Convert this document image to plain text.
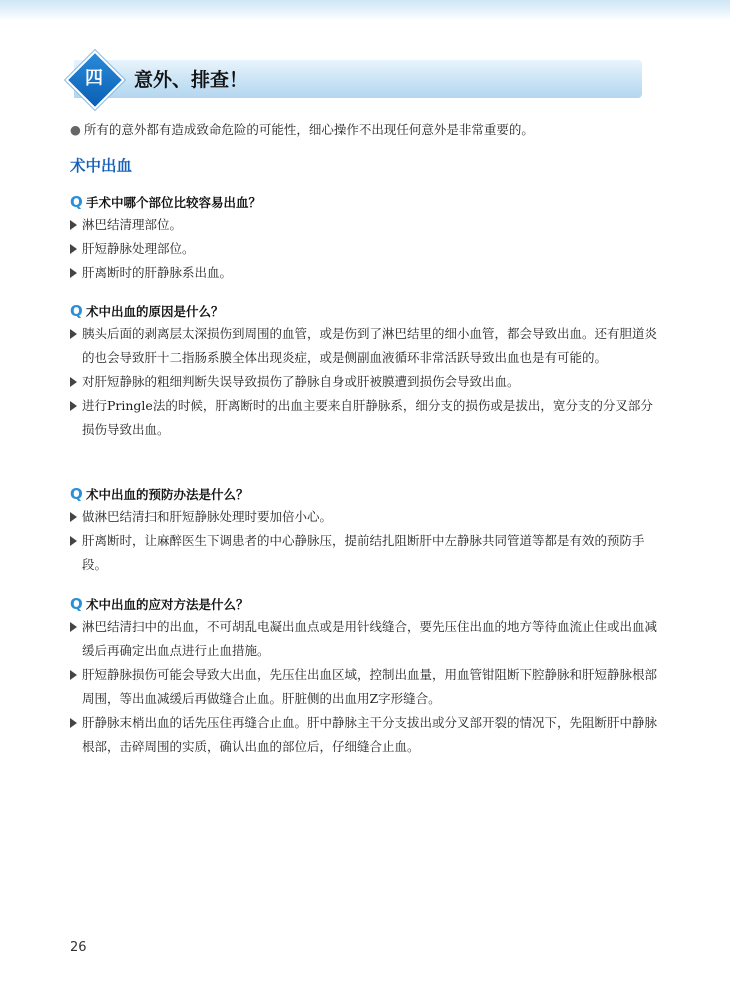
四	意外、排查！
● 所有的意外都有造成致命危险的可能性，细心操作不出现任何意外是非常重要的。
术中出血
Q 手术中哪个部位比较容易出血？
淋巴结清理部位。
肝短静脉处理部位。
肝离断时的肝静脉系出血。
Q 术中出血的原因是什么？
胰头后面的剥离层太深损伤到周围的血管，或是伤到了淋巴结里的细小血管，都会导致出血。还有胆道炎的也会导致肝十二指肠系膜全体出现炎症，或是侧副血液循环非常活跃导致出血也是有可能的。
对肝短静脉的粗细判断失误导致损伤了静脉自身或肝被膜遭到损伤会导致出血。
进行Pringle法的时候，肝离断时的出血主要来自肝静脉系，细分支的损伤或是拔出，宽分支的分叉部分损伤导致出血。
Q 术中出血的预防办法是什么？
做淋巴结清扫和肝短静脉处理时要加倍小心。
肝离断时，让麻醉医生下调患者的中心静脉压，提前结扎阻断肝中左静脉共同管道等都是有效的预防手段。
Q 术中出血的应对方法是什么？
淋巴结清扫中的出血，不可胡乱电凝出血点或是用针线缝合，要先压住出血的地方等待血流止住或出血减缓后再确定出血点进行止血措施。
肝短静脉损伤可能会导致大出血，先压住出血区域，控制出血量，用血管钳阻断下腔静脉和肝短静脉根部周围，等出血减缓后再做缝合止血。肝脏侧的出血用Z字形缝合。
肝静脉末梢出血的话先压住再缝合止血。肝中静脉主干分支拔出或分叉部开裂的情况下，先阻断肝中静脉根部，击碎周围的实质，确认出血的部位后，仔细缝合止血。
26
